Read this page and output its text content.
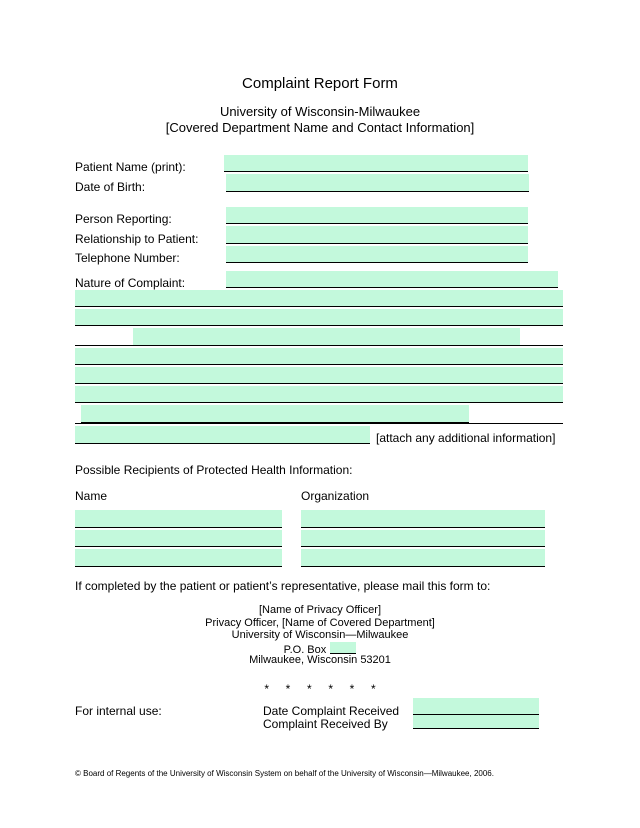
Complaint Report Form
University of Wisconsin-Milwaukee
[Covered Department Name and Contact Information]
Patient Name (print):
Date of Birth:
Person Reporting:
Relationship to Patient:
Telephone Number:
Nature of Complaint:
[attach any additional information]
Possible Recipients of Protected Health Information:
Name	Organization
If completed by the patient or patient’s representative, please mail this form to:
[Name of Privacy Officer]
Privacy Officer, [Name of Covered Department]
University of Wisconsin—Milwaukee
P.O. Box
Milwaukee, Wisconsin 53201
*     *     *     *     *     *
For internal use:	Date Complaint Received
Complaint Received By
© Board of Regents of the University of Wisconsin System on behalf of the University of Wisconsin—Milwaukee, 2006.
